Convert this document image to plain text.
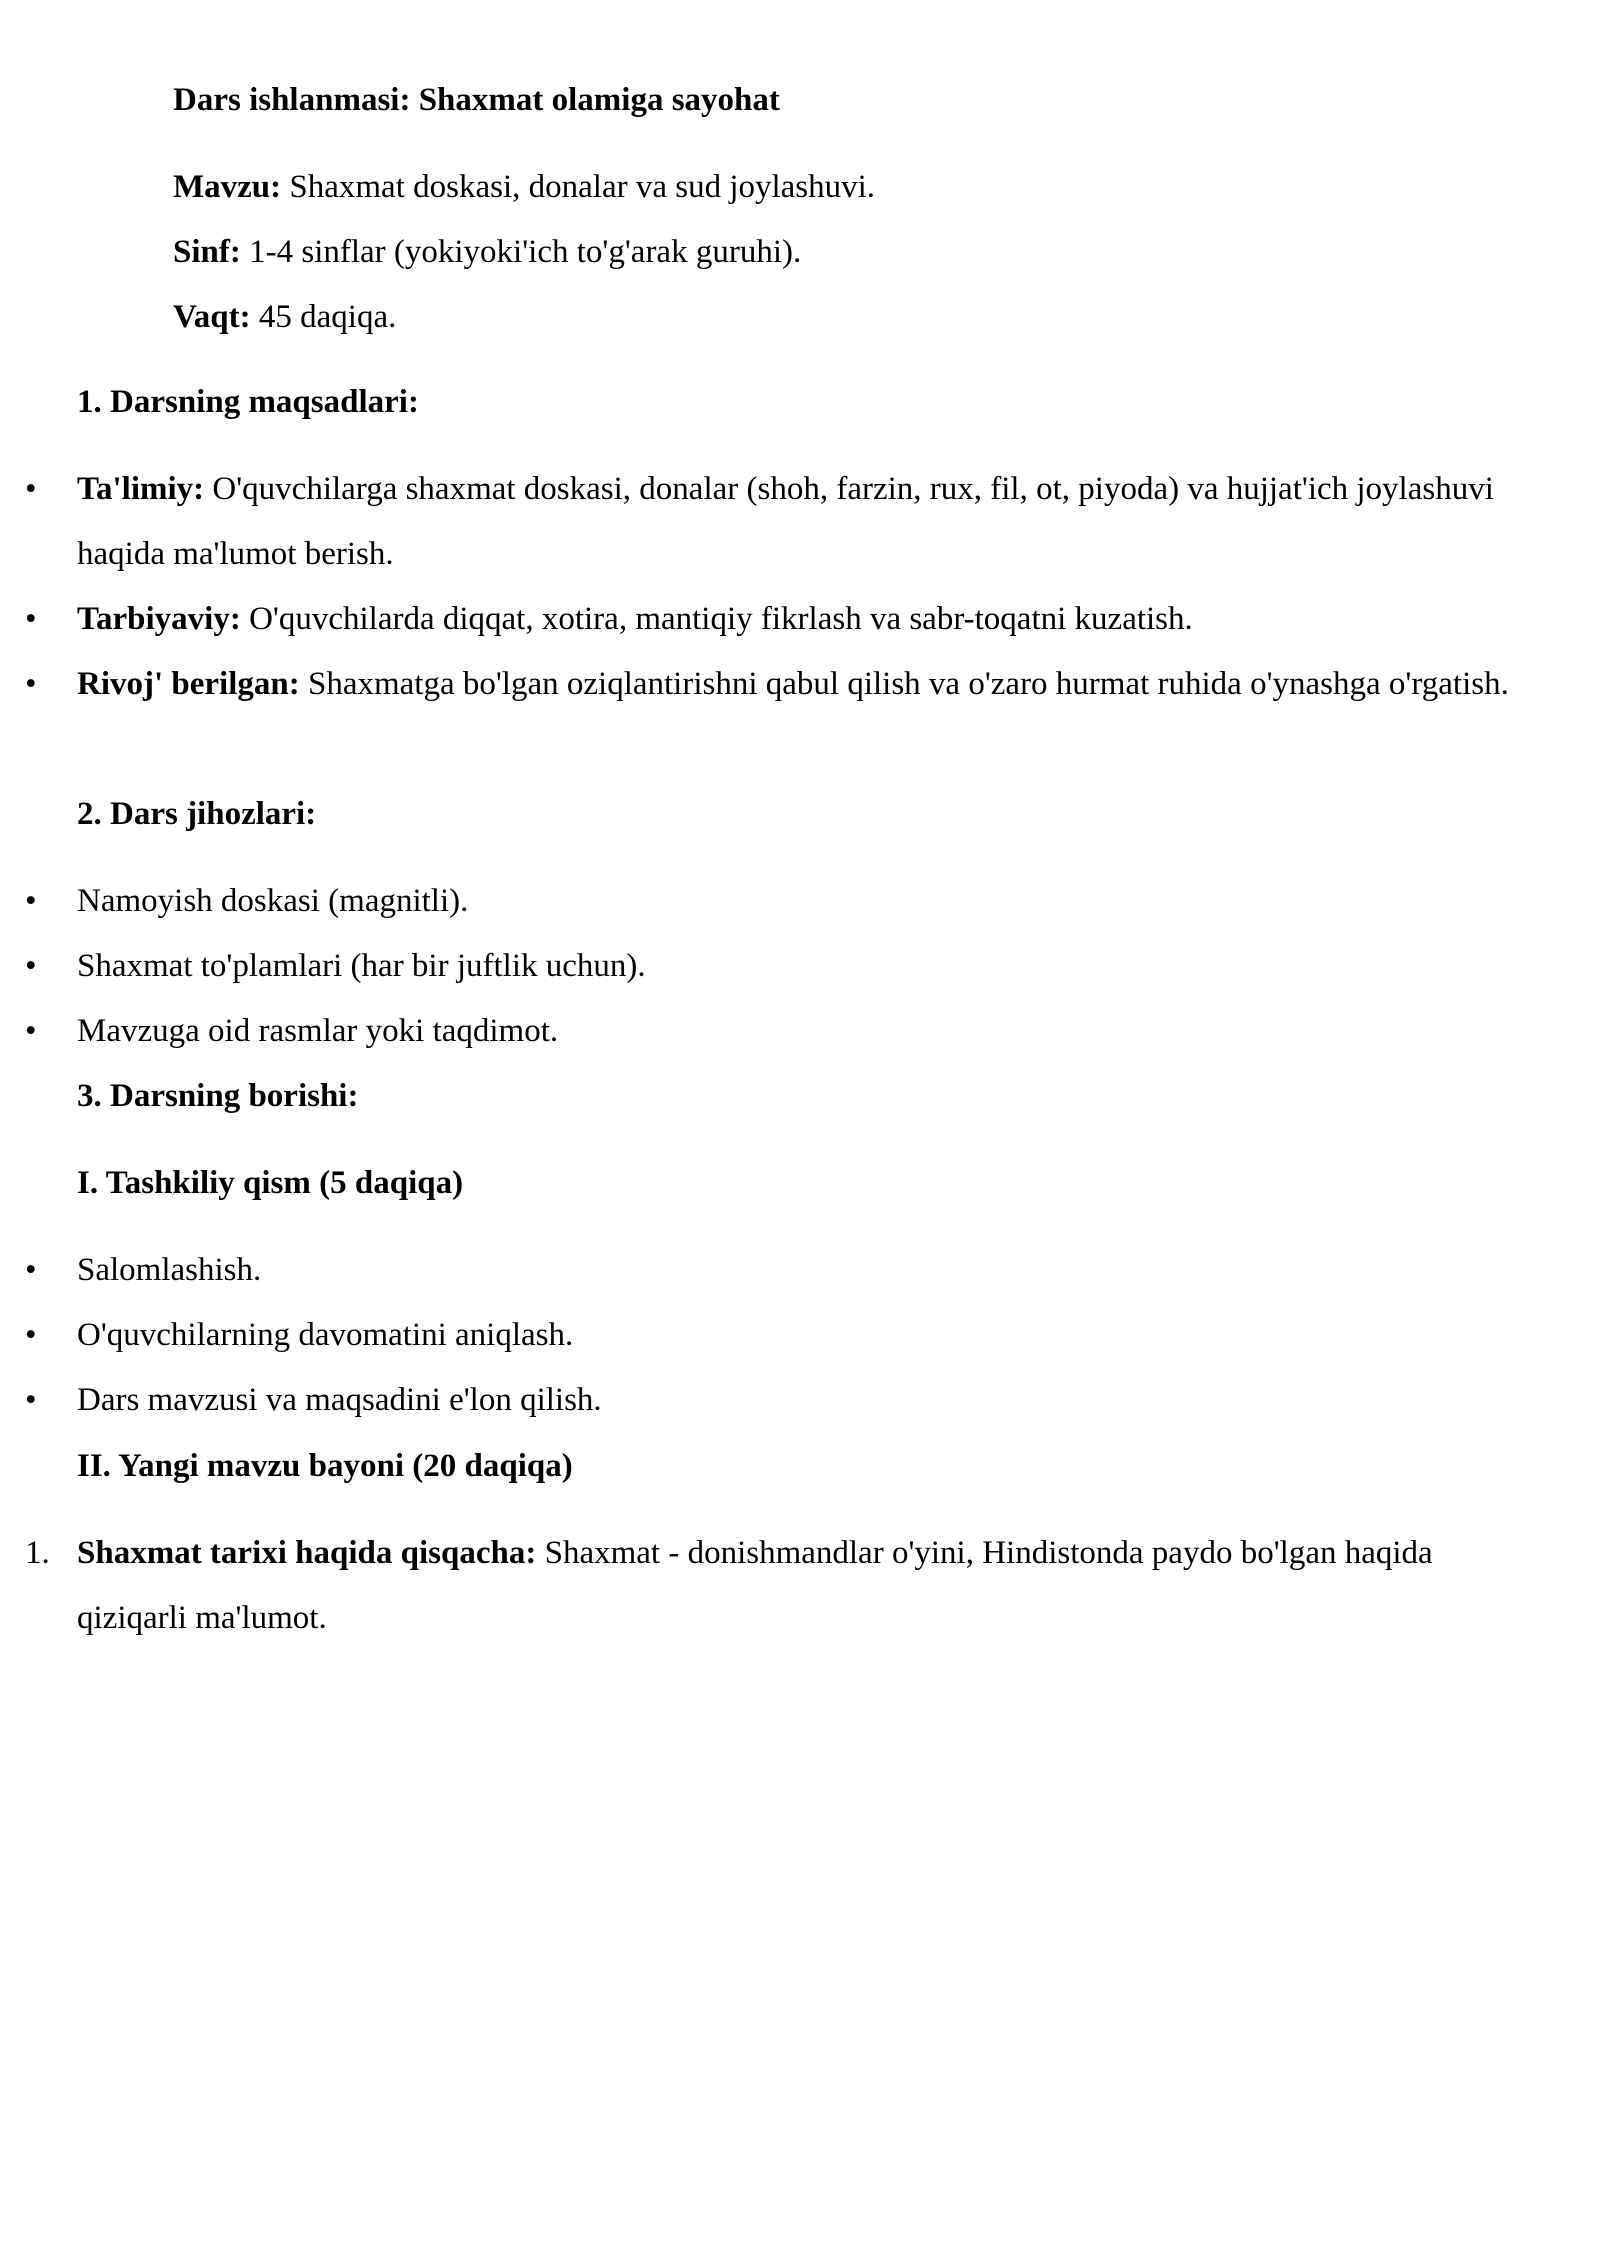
Dars ishlanmasi: Shaxmat olamiga sayohat
Mavzu: Shaxmat doskasi, donalar va sud joylashuvi.
Sinf: 1-4 sinflar (yokiyoki'ich to'g'arak guruhi).
Vaqt: 45 daqiqa.
1. Darsning maqsadlari:
• Ta'limiy: O'quvchilarga shaxmat doskasi, donalar (shoh, farzin, rux, fil, ot, piyoda) va hujjat'ich joylashuvi haqida ma'lumot berish.
• Tarbiyaviy: O'quvchilarda diqqat, xotira, mantiqiy fikrlash va sabr-toqatni kuzatish.
• Rivoj' berilgan: Shaxmatga bo'lgan oziqlantirishni qabul qilish va o'zaro hurmat ruhida o'ynashga o'rgatish.
2. Dars jihozlari:
• Namoyish doskasi (magnitli).
• Shaxmat to'plamlari (har bir juftlik uchun).
• Mavzuga oid rasmlar yoki taqdimot.
3. Darsning borishi:
I. Tashkiliy qism (5 daqiqa)
• Salomlashish.
• O'quvchilarning davomatini aniqlash.
• Dars mavzusi va maqsadini e'lon qilish.
II. Yangi mavzu bayoni (20 daqiqa)
1. Shaxmat tarixi haqida qisqacha: Shaxmat - donishmandlar o'yini, Hindistonda paydo bo'lgan haqida qiziqarli ma'lumot.
